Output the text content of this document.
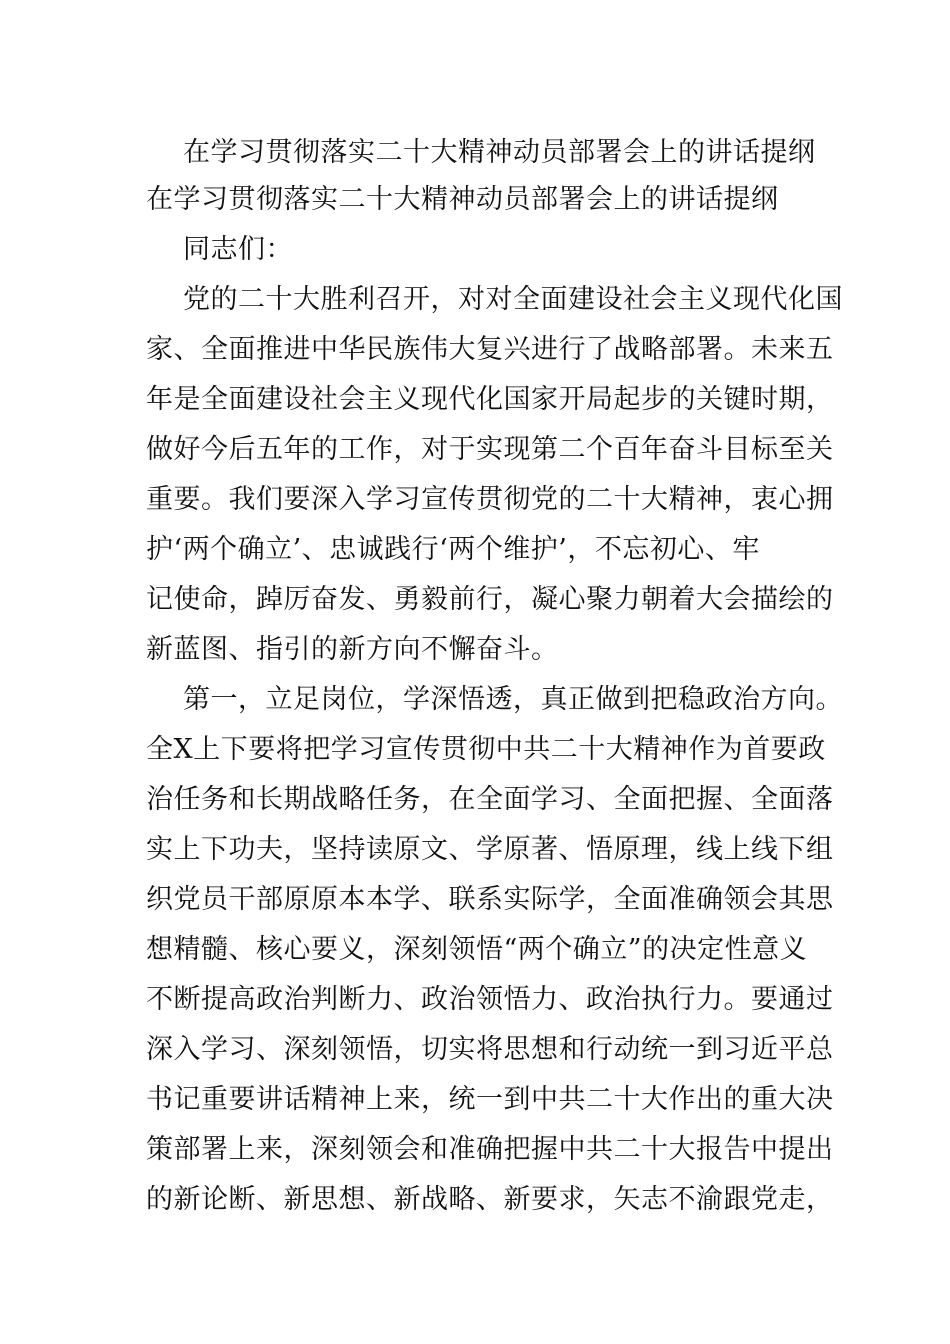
在学习贯彻落实二十大精神动员部署会上的讲话提纲
在学习贯彻落实二十大精神动员部署会上的讲话提纲
同志们：
党的二十大胜利召开，对对全面建设社会主义现代化国
家、全面推进中华民族伟大复兴进行了战略部署。未来五
年是全面建设社会主义现代化国家开局起步的关键时期，
做好今后五年的工作，对于实现第二个百年奋斗目标至关
重要。我们要深入学习宣传贯彻党的二十大精神，衷心拥
护‘两个确立’、忠诚践行‘两个维护’，不忘初心、牢
记使命，踔厉奋发、勇毅前行，凝心聚力朝着大会描绘的
新蓝图、指引的新方向不懈奋斗。
第一，立足岗位，学深悟透，真正做到把稳政治方向。
全X上下要将把学习宣传贯彻中共二十大精神作为首要政
治任务和长期战略任务，在全面学习、全面把握、全面落
实上下功夫，坚持读原文、学原著、悟原理，线上线下组
织党员干部原原本本学、联系实际学，全面准确领会其思
想精髓、核心要义，深刻领悟“两个确立”的决定性意义
不断提高政治判断力、政治领悟力、政治执行力。要通过
深入学习、深刻领悟，切实将思想和行动统一到习近平总
书记重要讲话精神上来，统一到中共二十大作出的重大决
策部署上来，深刻领会和准确把握中共二十大报告中提出
的新论断、新思想、新战略、新要求，矢志不渝跟党走，
